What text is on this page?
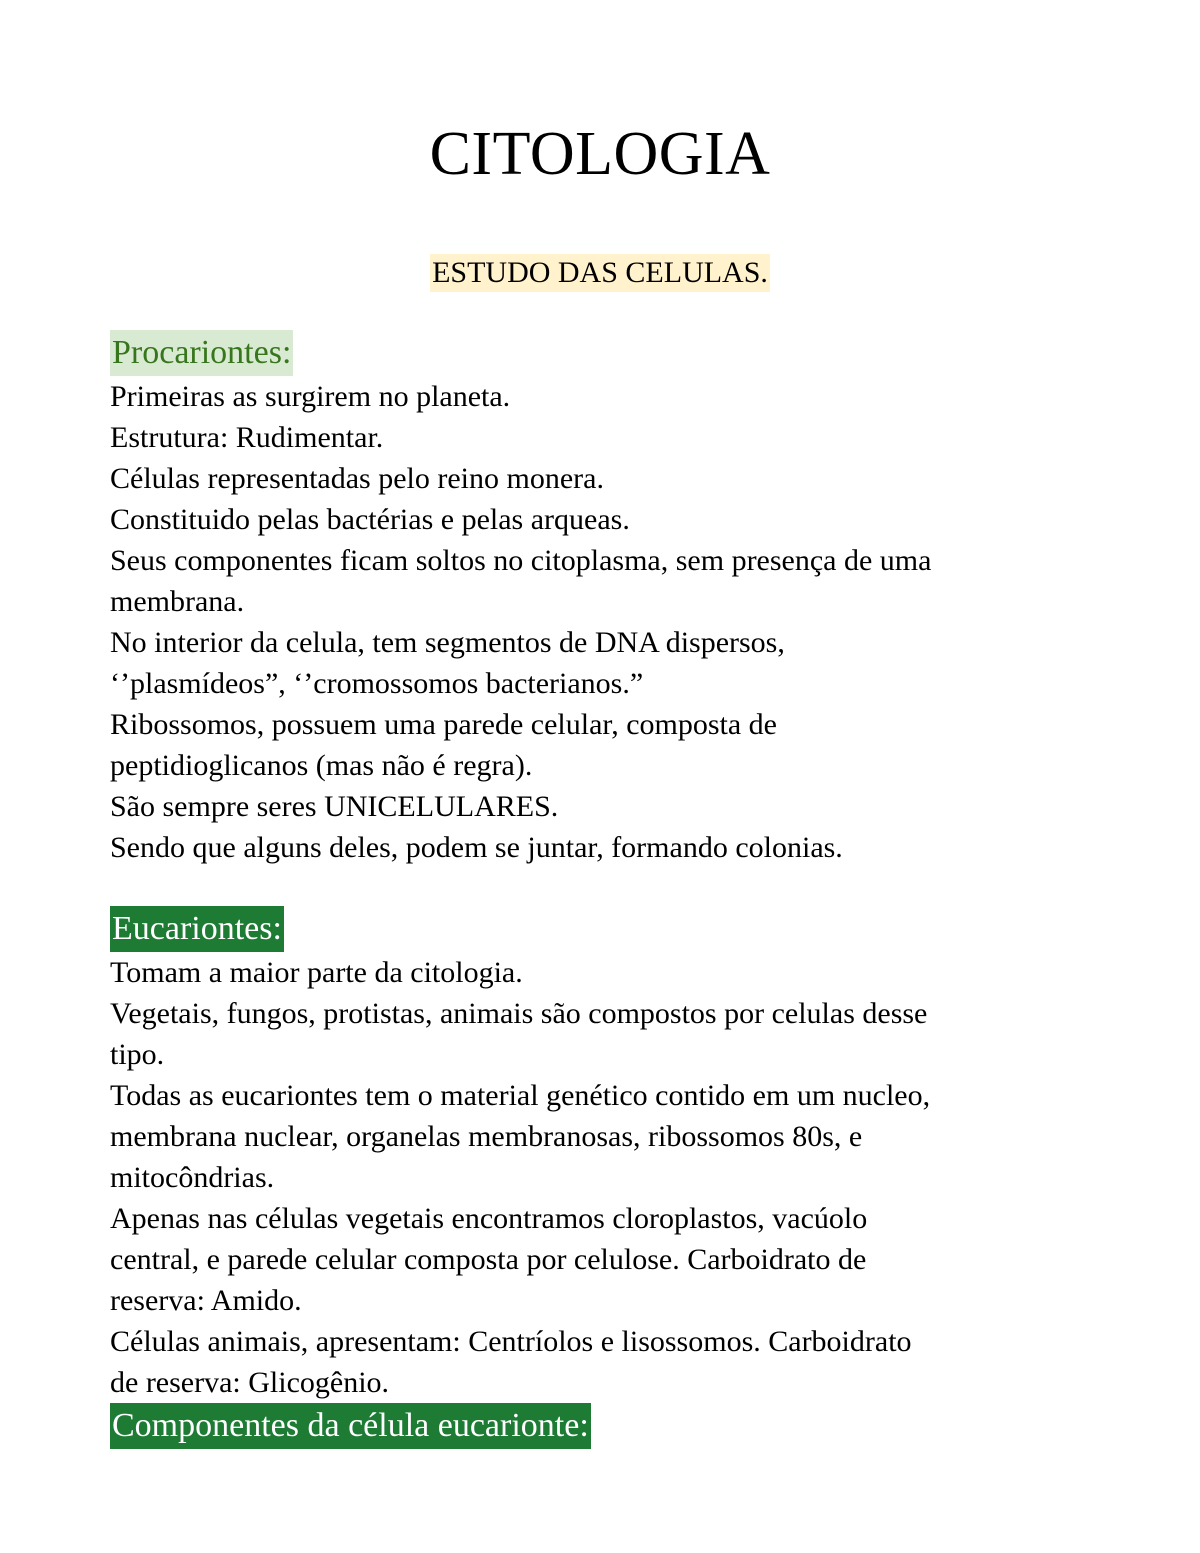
CITOLOGIA
ESTUDO DAS CELULAS.
Procariontes:
Primeiras as surgirem no planeta.
Estrutura: Rudimentar.
Células representadas pelo reino monera.
Constituido pelas bactérias e pelas arqueas.
Seus componentes ficam soltos no citoplasma, sem presença de uma
membrana.
No interior da celula, tem segmentos de DNA dispersos,
‘’plasmídeos”, ‘’cromossomos bacterianos.”
Ribossomos, possuem uma parede celular, composta de
peptidioglicanos (mas não é regra).
São sempre seres UNICELULARES.
Sendo que alguns deles, podem se juntar, formando colonias.
Eucariontes:
Tomam a maior parte da citologia.
Vegetais, fungos, protistas, animais são compostos por celulas desse
tipo.
Todas as eucariontes tem o material genético contido em um nucleo,
membrana nuclear, organelas membranosas, ribossomos 80s, e
mitocôndrias.
Apenas nas células vegetais encontramos cloroplastos, vacúolo
central, e parede celular composta por celulose. Carboidrato de
reserva: Amido.
Células animais, apresentam: Centríolos e lisossomos. Carboidrato
de reserva: Glicogênio.
Componentes da célula eucarionte:
